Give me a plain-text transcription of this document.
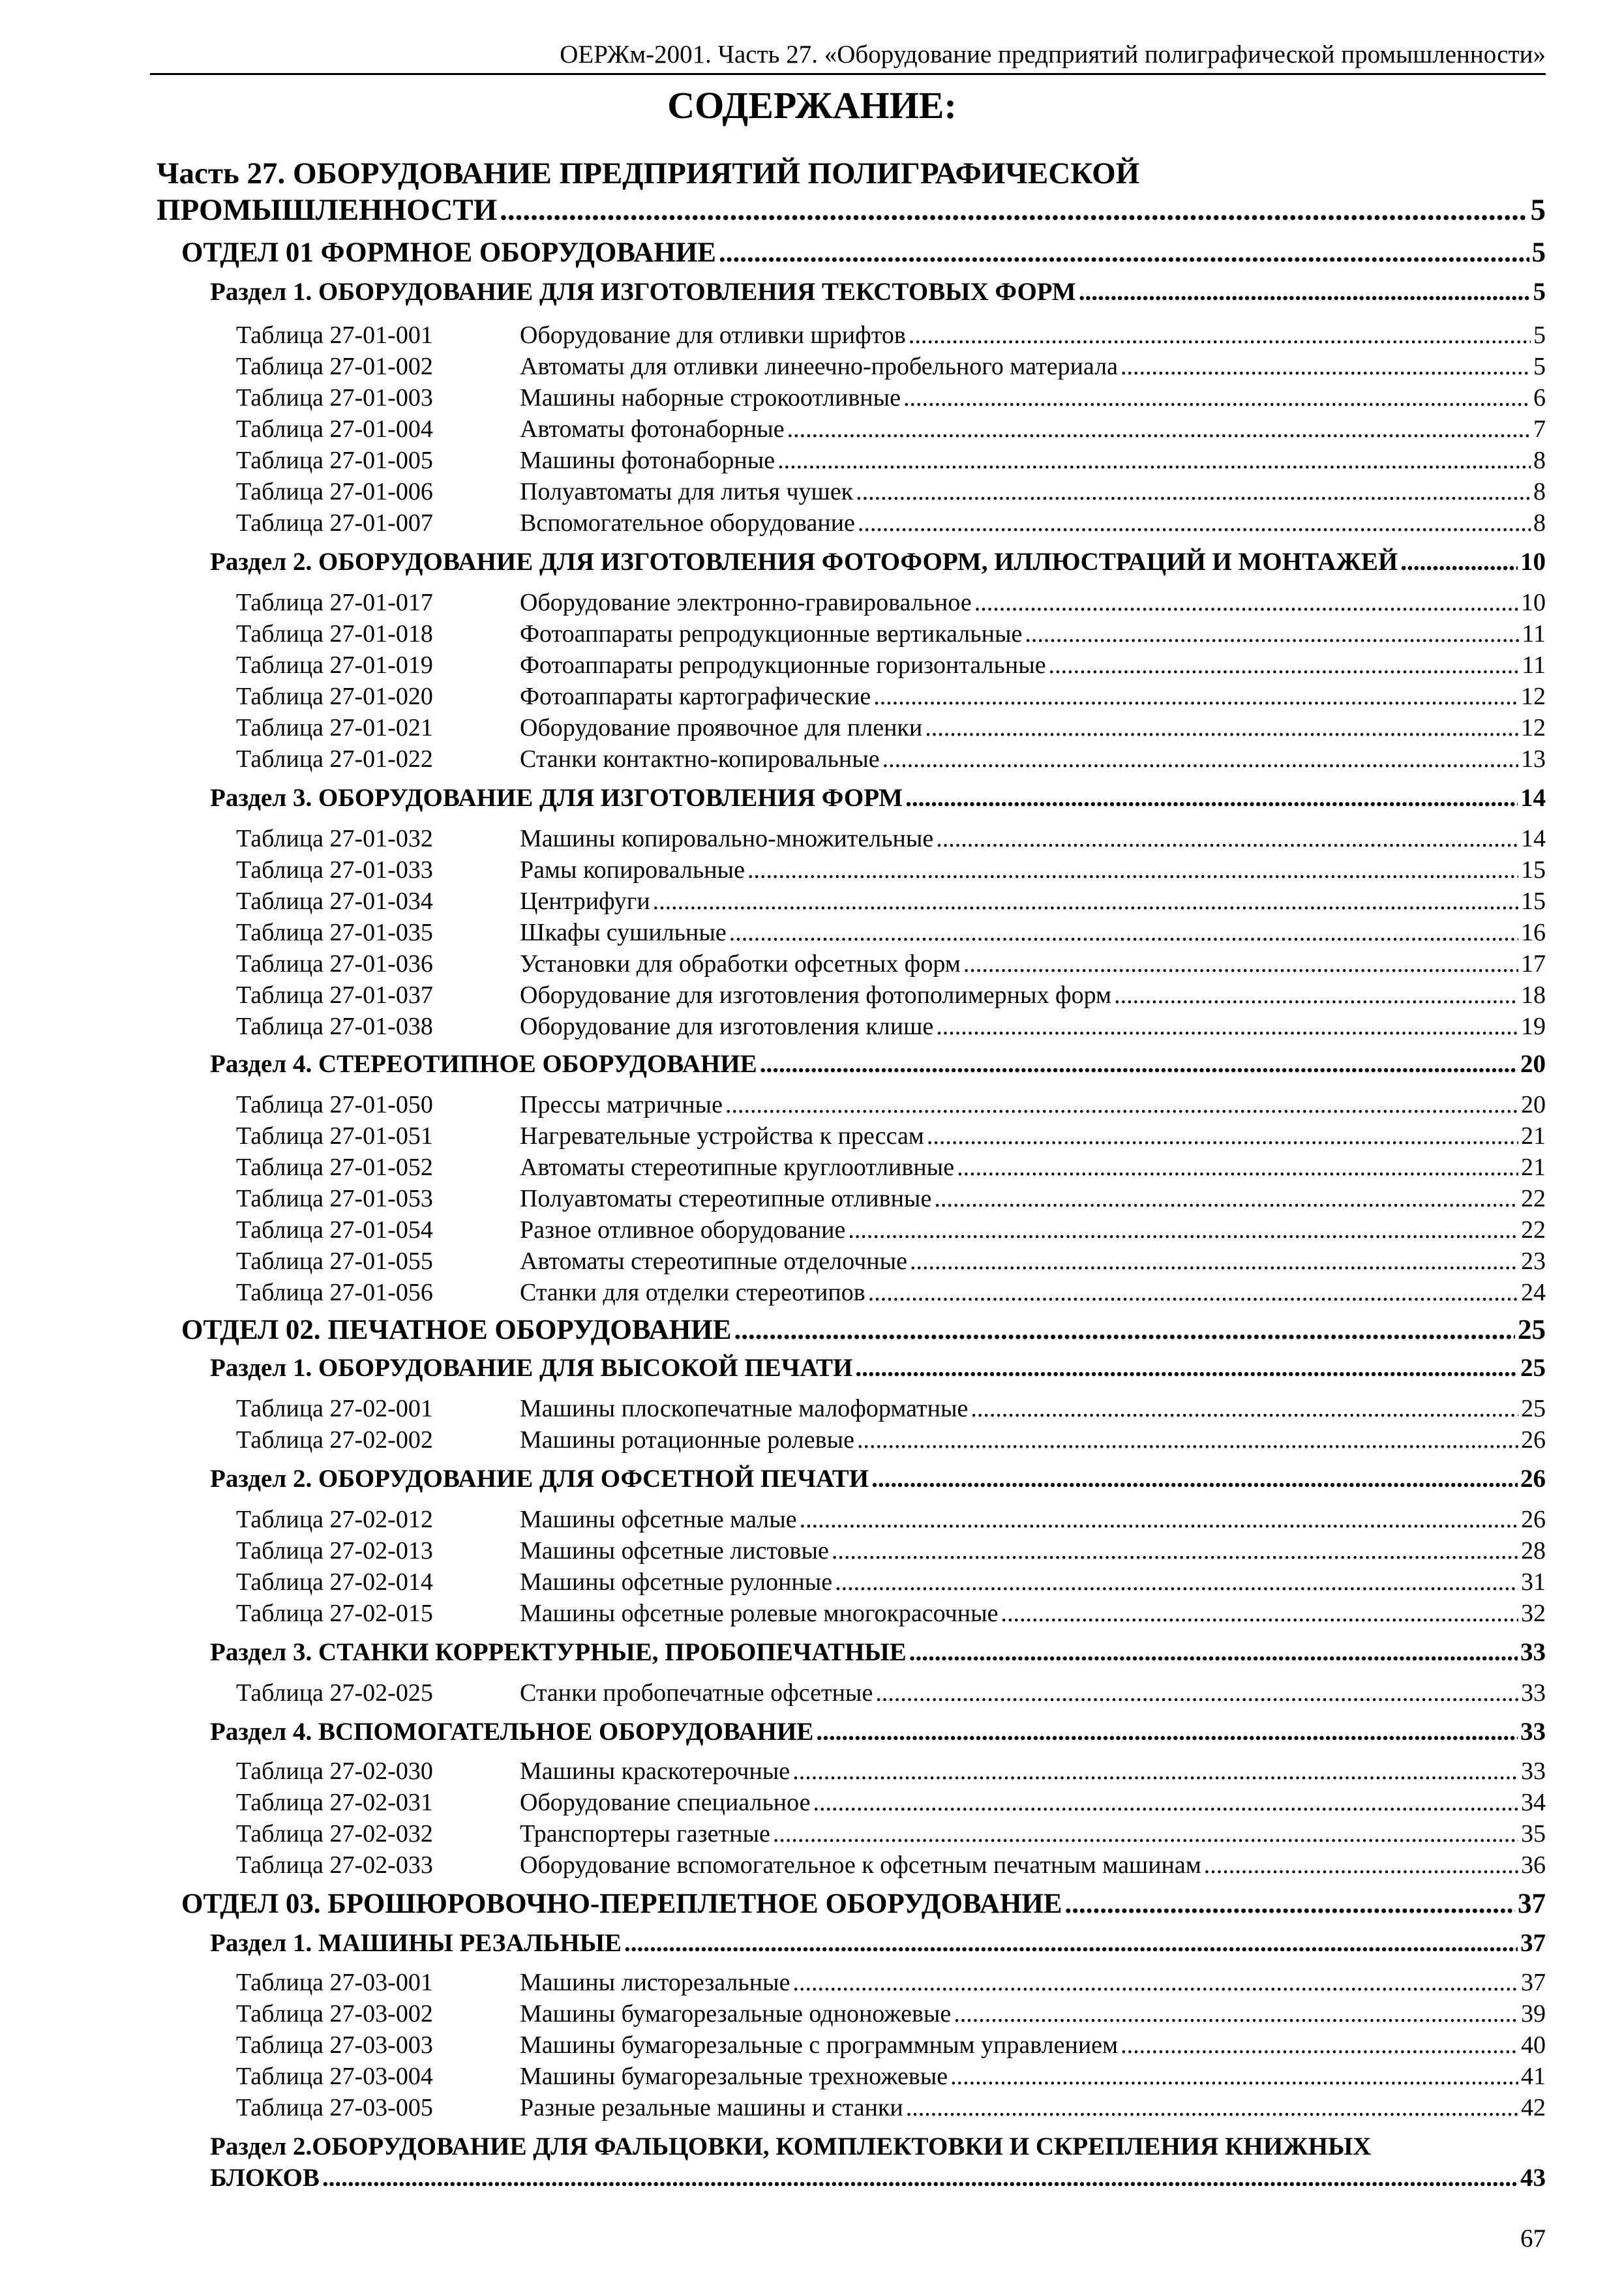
ОЕРЖм-2001. Часть 27. «Оборудование предприятий полиграфической промышленности»
СОДЕРЖАНИЕ:
Часть 27. ОБОРУДОВАНИЕ ПРЕДПРИЯТИЙ ПОЛИГРАФИЧЕСКОЙ
ПРОМЫШЛЕННОСТИ .....	5
ОТДЕЛ 01 ФОРМНОЕ ОБОРУДОВАНИЕ .....	5
Раздел 1. ОБОРУДОВАНИЕ ДЛЯ ИЗГОТОВЛЕНИЯ ТЕКСТОВЫХ ФОРМ .....	5
Таблица 27-01-001	Оборудование для отливки шрифтов .....	5
Таблица 27-01-002	Автоматы для отливки линеечно-пробельного материала .....	5
Таблица 27-01-003	Машины наборные строкоотливные .....	6
Таблица 27-01-004	Автоматы фотонаборные .....	7
Таблица 27-01-005	Машины фотонаборные .....	8
Таблица 27-01-006	Полуавтоматы для литья чушек .....	8
Таблица 27-01-007	Вспомогательное оборудование .....	8
Раздел 2. ОБОРУДОВАНИЕ ДЛЯ ИЗГОТОВЛЕНИЯ ФОТОФОРМ, ИЛЛЮСТРАЦИЙ И МОНТАЖЕЙ .....	10
Таблица 27-01-017	Оборудование электронно-гравировальное .....	10
Таблица 27-01-018	Фотоаппараты репродукционные вертикальные .....	11
Таблица 27-01-019	Фотоаппараты репродукционные горизонтальные .....	11
Таблица 27-01-020	Фотоаппараты картографические .....	12
Таблица 27-01-021	Оборудование проявочное для пленки .....	12
Таблица 27-01-022	Станки контактно-копировальные .....	13
Раздел 3. ОБОРУДОВАНИЕ ДЛЯ ИЗГОТОВЛЕНИЯ ФОРМ .....	14
Таблица 27-01-032	Машины копировально-множительные .....	14
Таблица 27-01-033	Рамы копировальные .....	15
Таблица 27-01-034	Центрифуги .....	15
Таблица 27-01-035	Шкафы сушильные .....	16
Таблица 27-01-036	Установки для обработки офсетных форм .....	17
Таблица 27-01-037	Оборудование для изготовления фотополимерных форм .....	18
Таблица 27-01-038	Оборудование для изготовления клише .....	19
Раздел 4. СТЕРЕОТИПНОЕ ОБОРУДОВАНИЕ .....	20
Таблица 27-01-050	Прессы матричные .....	20
Таблица 27-01-051	Нагревательные устройства к прессам .....	21
Таблица 27-01-052	Автоматы стереотипные круглоотливные .....	21
Таблица 27-01-053	Полуавтоматы стереотипные отливные .....	22
Таблица 27-01-054	Разное отливное оборудование .....	22
Таблица 27-01-055	Автоматы стереотипные отделочные .....	23
Таблица 27-01-056	Станки для отделки стереотипов .....	24
ОТДЕЛ 02. ПЕЧАТНОЕ ОБОРУДОВАНИЕ .....	25
Раздел 1. ОБОРУДОВАНИЕ ДЛЯ ВЫСОКОЙ ПЕЧАТИ .....	25
Таблица 27-02-001	Машины плоскопечатные малоформатные .....	25
Таблица 27-02-002	Машины ротационные ролевые .....	26
Раздел 2. ОБОРУДОВАНИЕ ДЛЯ ОФСЕТНОЙ ПЕЧАТИ .....	26
Таблица 27-02-012	Машины офсетные малые .....	26
Таблица 27-02-013	Машины офсетные листовые .....	28
Таблица 27-02-014	Машины офсетные рулонные .....	31
Таблица 27-02-015	Машины офсетные ролевые многокрасочные .....	32
Раздел 3. СТАНКИ КОРРЕКТУРНЫЕ, ПРОБОПЕЧАТНЫЕ .....	33
Таблица 27-02-025	Станки пробопечатные офсетные .....	33
Раздел 4. ВСПОМОГАТЕЛЬНОЕ ОБОРУДОВАНИЕ .....	33
Таблица 27-02-030	Машины краскотерочные .....	33
Таблица 27-02-031	Оборудование специальное .....	34
Таблица 27-02-032	Транспортеры газетные .....	35
Таблица 27-02-033	Оборудование вспомогательное к офсетным печатным машинам .....	36
ОТДЕЛ 03. БРОШЮРОВОЧНО-ПЕРЕПЛЕТНОЕ ОБОРУДОВАНИЕ .....	37
Раздел 1. МАШИНЫ РЕЗАЛЬНЫЕ .....	37
Таблица 27-03-001	Машины листорезальные .....	37
Таблица 27-03-002	Машины бумагорезальные одноножевые .....	39
Таблица 27-03-003	Машины бумагорезальные с программным управлением .....	40
Таблица 27-03-004	Машины бумагорезальные трехножевые .....	41
Таблица 27-03-005	Разные резальные машины и станки .....	42
Раздел 2.ОБОРУДОВАНИЕ ДЛЯ ФАЛЬЦОВКИ, КОМПЛЕКТОВКИ И СКРЕПЛЕНИЯ КНИЖНЫХ
БЛОКОВ .....	43
67
